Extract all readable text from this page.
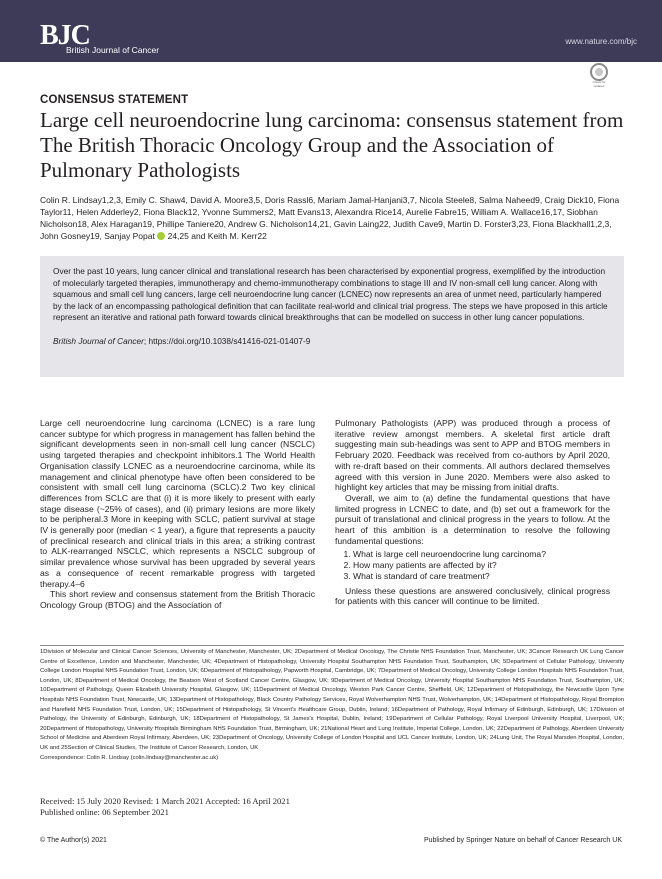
BJC
British Journal of Cancer
www.nature.com/bjc
Check for updates
CONSENSUS STATEMENT
Large cell neuroendocrine lung carcinoma: consensus statement from The British Thoracic Oncology Group and the Association of Pulmonary Pathologists
Colin R. Lindsay1,2,3, Emily C. Shaw4, David A. Moore3,5, Doris Rassl6, Mariam Jamal-Hanjani3,7, Nicola Steele8, Salma Naheed9, Craig Dick10, Fiona Taylor11, Helen Adderley2, Fiona Black12, Yvonne Summers2, Matt Evans13, Alexandra Rice14, Aurelie Fabre15, William A. Wallace16,17, Siobhan Nicholson18, Alex Haragan19, Phillipe Taniere20, Andrew G. Nicholson14,21, Gavin Laing22, Judith Cave9, Martin D. Forster3,23, Fiona Blackhall1,2,3, John Gosney19, Sanjay Popat 24,25 and Keith M. Kerr22

Over the past 10 years, lung cancer clinical and translational research has been characterised by exponential progress, exemplified by the introduction of molecularly targeted therapies, immunotherapy and chemo-immunotherapy combinations to stage III and IV non-small cell lung cancer. Along with squamous and small cell lung cancers, large cell neuroendocrine lung cancer (LCNEC) now represents an area of unmet need, particularly hampered by the lack of an encompassing pathological definition that can facilitate real-world and clinical trial progress. The steps we have proposed in this article represent an iterative and rational path forward towards clinical breakthroughs that can be modelled on success in other lung cancer populations.

British Journal of Cancer; https://doi.org/10.1038/s41416-021-01407-9

Large cell neuroendocrine lung carcinoma (LCNEC) is a rare lung cancer subtype for which progress in management has fallen behind the significant developments seen in non-small cell lung cancer (NSCLC) using targeted therapies and checkpoint inhibitors.1 The World Health Organisation classify LCNEC as a neuroendocrine carcinoma, while its management and clinical phenotype have often been considered to be consistent with small cell lung carcinoma (SCLC).2 Two key clinical differences from SCLC are that (i) it is more likely to present with early stage disease (~25% of cases), and (ii) primary lesions are more likely to be peripheral.3 More in keeping with SCLC, patient survival at stage IV is generally poor (median < 1 year), a figure that represents a paucity of preclinical research and clinical trials in this area; a striking contrast to ALK-rearranged NSCLC, which represents a NSCLC subgroup of similar prevalence whose survival has been upgraded by several years as a consequence of recent remarkable progress with targeted therapy.4–6

This short review and consensus statement from the British Thoracic Oncology Group (BTOG) and the Association of

Pulmonary Pathologists (APP) was produced through a process of iterative review amongst members. A skeletal first article draft suggesting main sub-headings was sent to APP and BTOG members in February 2020. Feedback was received from co-authors by April 2020, with re-draft based on their comments. All authors declared themselves agreed with this version in June 2020. Members were also asked to highlight key articles that may be missing from initial drafts.

Overall, we aim to (a) define the fundamental questions that have limited progress in LCNEC to date, and (b) set out a framework for the pursuit of translational and clinical progress in the years to follow. At the heart of this ambition is a determination to resolve the following fundamental questions:

1. What is large cell neuroendocrine lung carcinoma?
2. How many patients are affected by it?
3. What is standard of care treatment?

Unless these questions are answered conclusively, clinical progress for patients with this cancer will continue to be limited.

1Division of Molecular and Clinical Cancer Sciences, University of Manchester, Manchester, UK; 2Department of Medical Oncology, The Christie NHS Foundation Trust, Manchester, UK; 3Cancer Research UK Lung Cancer Centre of Excellence, London and Manchester, Manchester, UK; 4Department of Histopathology, University Hospital Southampton NHS Foundation Trust, Southampton, UK; 5Department of Cellular Pathology, University College London Hospital NHS Foundation Trust, London, UK; 6Department of Histopathology, Papworth Hospital, Cambridge, UK; 7Department of Medical Oncology, University College London Hospitals NHS Foundation Trust, London, UK; 8Department of Medical Oncology, the Beatson West of Scotland Cancer Centre, Glasgow, UK; 9Department of Medical Oncology, University Hospital Southampton NHS Foundation Trust, Southampton, UK; 10Department of Pathology, Queen Elizabeth University Hospital, Glasgow, UK; 11Department of Medical Oncology, Weston Park Cancer Centre, Sheffield, UK; 12Department of Histopathology, the Newcastle Upon Tyne Hospitals NHS Foundation Trust, Newcastle, UK; 13Department of Histopathology, Black Country Pathology Services, Royal Wolverhampton NHS Trust, Wolverhampton, UK; 14Department of Histopathology, Royal Brompton and Harefield NHS Foundation Trust, London, UK; 15Department of Histopathology, St Vincent's Healthcare Group, Dublin, Ireland; 16Department of Pathology, Royal Infirmary of Edinburgh, Edinburgh, UK; 17Division of Pathology, the University of Edinburgh, Edinburgh, UK; 18Department of Histopathology, St James's Hospital, Dublin, Ireland; 19Department of Cellular Pathology, Royal Liverpool University Hospital, Liverpool, UK; 20Department of Histopathology, University Hospitals Birmingham NHS Foundation Trust, Birmingham, UK; 21National Heart and Lung Institute, Imperial College, London, UK; 22Department of Pathology, Aberdeen University School of Medicine and Aberdeen Royal Infirmary, Aberdeen, UK; 23Department of Oncology, University College of London Hospital and UCL Cancer Institute, London, UK; 24Lung Unit, The Royal Marsden Hospital, London, UK and 25Section of Clinical Studies, The Institute of Cancer Research, London, UK
Correspondence: Colin R. Lindsay (colin.lindsay@manchester.ac.uk)
Received: 15 July 2020 Revised: 1 March 2021 Accepted: 16 April 2021
Published online: 06 September 2021
© The Author(s) 2021	Published by Springer Nature on behalf of Cancer Research UK
